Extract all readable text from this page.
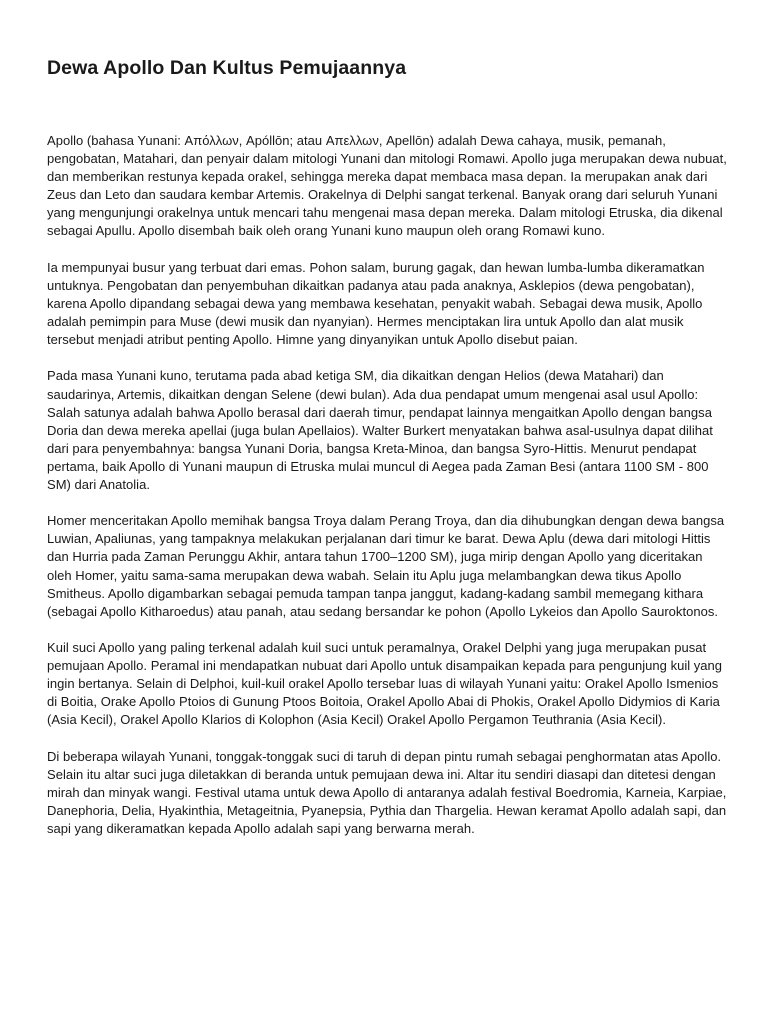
Dewa Apollo Dan Kultus Pemujaannya

Apollo (bahasa Yunani: Απόλλων, Apóllōn; atau Απελλων, Apellōn) adalah Dewa cahaya, musik, pemanah, pengobatan, Matahari, dan penyair dalam mitologi Yunani dan mitologi Romawi. Apollo juga merupakan dewa nubuat, dan memberikan restunya kepada orakel, sehingga mereka dapat membaca masa depan. Ia merupakan anak dari Zeus dan Leto dan saudara kembar Artemis. Orakelnya di Delphi sangat terkenal. Banyak orang dari seluruh Yunani yang mengunjungi orakelnya untuk mencari tahu mengenai masa depan mereka. Dalam mitologi Etruska, dia dikenal sebagai Apullu. Apollo disembah baik oleh orang Yunani kuno maupun oleh orang Romawi kuno.

Ia mempunyai busur yang terbuat dari emas. Pohon salam, burung gagak, dan hewan lumba-lumba dikeramatkan untuknya. Pengobatan dan penyembuhan dikaitkan padanya atau pada anaknya, Asklepios (dewa pengobatan), karena Apollo dipandang sebagai dewa yang membawa kesehatan, penyakit wabah. Sebagai dewa musik, Apollo adalah pemimpin para Muse (dewi musik dan nyanyian). Hermes menciptakan lira untuk Apollo dan alat musik tersebut menjadi atribut penting Apollo. Himne yang dinyanyikan untuk Apollo disebut paian.

Pada masa Yunani kuno, terutama pada abad ketiga SM, dia dikaitkan dengan Helios (dewa Matahari) dan saudarinya, Artemis, dikaitkan dengan Selene (dewi bulan). Ada dua pendapat umum mengenai asal usul Apollo: Salah satunya adalah bahwa Apollo berasal dari daerah timur, pendapat lainnya mengaitkan Apollo dengan bangsa Doria dan dewa mereka apellai (juga bulan Apellaios). Walter Burkert menyatakan bahwa asal-usulnya dapat dilihat dari para penyembahnya: bangsa Yunani Doria, bangsa Kreta-Minoa, dan bangsa Syro-Hittis. Menurut pendapat pertama, baik Apollo di Yunani maupun di Etruska mulai muncul di Aegea pada Zaman Besi (antara 1100 SM - 800 SM) dari Anatolia.

Homer menceritakan Apollo memihak bangsa Troya dalam Perang Troya, dan dia dihubungkan dengan dewa bangsa Luwian, Apaliunas, yang tampaknya melakukan perjalanan dari timur ke barat. Dewa Aplu (dewa dari mitologi Hittis dan Hurria pada Zaman Perunggu Akhir, antara tahun 1700–1200 SM), juga mirip dengan Apollo yang diceritakan oleh Homer, yaitu sama-sama merupakan dewa wabah. Selain itu Aplu juga melambangkan dewa tikus Apollo Smitheus. Apollo digambarkan sebagai pemuda tampan tanpa janggut, kadang-kadang sambil memegang kithara (sebagai Apollo Kitharoedus) atau panah, atau sedang bersandar ke pohon (Apollo Lykeios dan Apollo Sauroktonos.

Kuil suci Apollo yang paling terkenal adalah kuil suci untuk peramalnya, Orakel Delphi yang juga merupakan pusat pemujaan Apollo. Peramal ini mendapatkan nubuat dari Apollo untuk disampaikan kepada para pengunjung kuil yang ingin bertanya. Selain di Delphoi, kuil-kuil orakel Apollo tersebar luas di wilayah Yunani yaitu: Orakel Apollo Ismenios di Boitia, Orake Apollo Ptoios di Gunung Ptoos Boitoia, Orakel Apollo Abai di Phokis, Orakel Apollo Didymios di Karia (Asia Kecil), Orakel Apollo Klarios di Kolophon (Asia Kecil) Orakel Apollo Pergamon Teuthrania (Asia Kecil).

Di beberapa wilayah Yunani, tonggak-tonggak suci di taruh di depan pintu rumah sebagai penghormatan atas Apollo. Selain itu altar suci juga diletakkan di beranda untuk pemujaan dewa ini. Altar itu sendiri diasapi dan ditetesi dengan mirah dan minyak wangi. Festival utama untuk dewa Apollo di antaranya adalah festival Boedromia, Karneia, Karpiae, Danephoria, Delia, Hyakinthia, Metageitnia, Pyanepsia, Pythia dan Thargelia. Hewan keramat Apollo adalah sapi, dan sapi yang dikeramatkan kepada Apollo adalah sapi yang berwarna merah.
